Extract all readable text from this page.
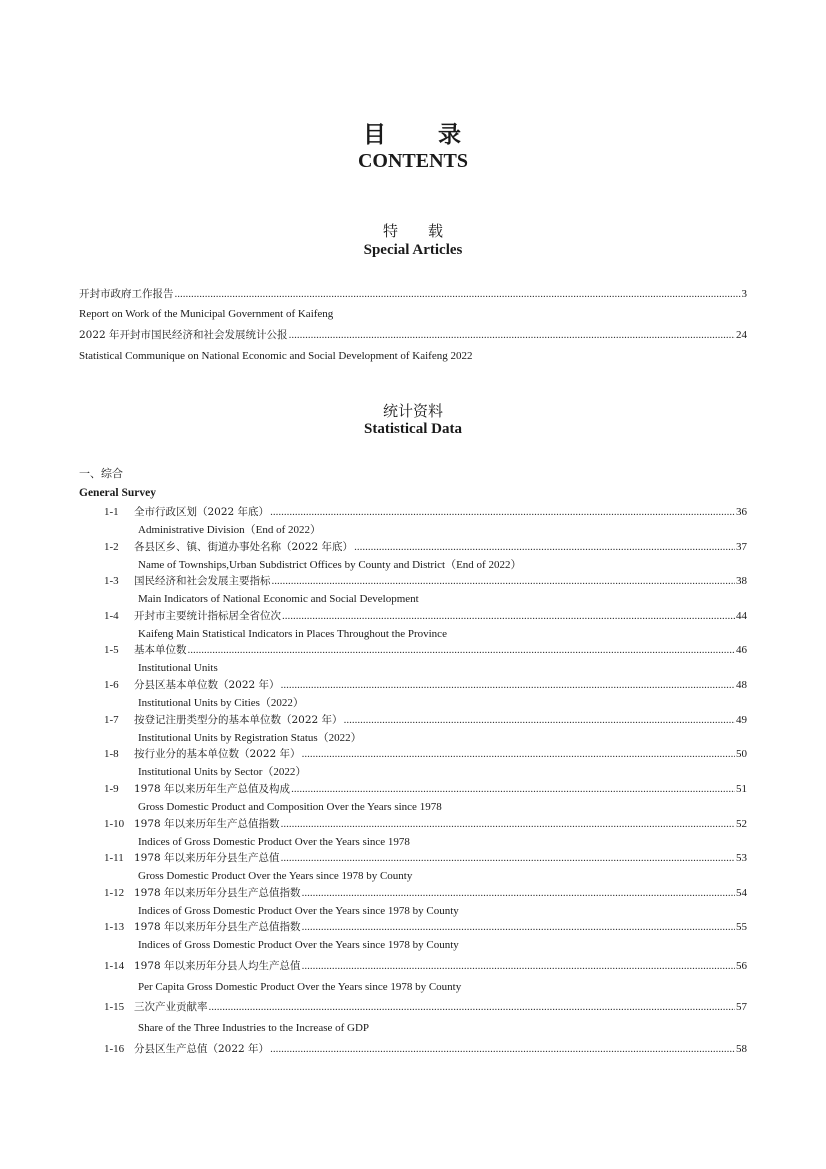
目　　录
CONTENTS
特　　载
Special Articles
开封市政府工作报告 .....	3
Report on Work of the Municipal Government of Kaifeng
2022 年开封市国民经济和社会发展统计公报 .....	24
Statistical Communique on National Economic and Social Development of Kaifeng 2022
统计资料
Statistical Data
一、综合
General Survey
1-1	全市行政区划（2022 年底） .....	36
Administrative Division（End of 2022）
1-2	各县区乡、镇、街道办事处名称（2022 年底） .....	37
Name of Townships,Urban Subdistrict Offices by County and District（End of 2022）
1-3	国民经济和社会发展主要指标 .....	38
Main Indicators of National Economic and Social Development
1-4	开封市主要统计指标居全省位次 .....	44
Kaifeng Main Statistical Indicators in Places Throughout the Province
1-5	基本单位数 .....	46
Institutional Units
1-6	分县区基本单位数（2022 年） .....	48
Institutional Units by Cities（2022）
1-7	按登记注册类型分的基本单位数（2022 年） .....	49
Institutional Units by Registration Status（2022）
1-8	按行业分的基本单位数（2022 年） .....	50
Institutional Units by Sector（2022）
1-9	1978 年以来历年生产总值及构成 .....	51
Gross Domestic Product and Composition Over the Years since 1978
1-10 1978 年以来历年生产总值指数 .....	52
Indices of Gross Domestic Product Over the Years since 1978
1-11 1978 年以来历年分县生产总值 .....	53
Gross Domestic Product Over the Years since 1978 by County
1-12 1978 年以来历年分县生产总值指数 .....	54
Indices of Gross Domestic Product Over the Years since 1978 by County
1-13 1978 年以来历年分县生产总值指数 .....	55
Indices of Gross Domestic Product Over the Years since 1978 by County
1-14 1978 年以来历年分县人均生产总值 .....	56
Per Capita Gross Domestic Product Over the Years since 1978 by County
1-15 三次产业贡献率 .....	57
Share of the Three Industries to the Increase of GDP
1-16 分县区生产总值（2022 年） .....	58
